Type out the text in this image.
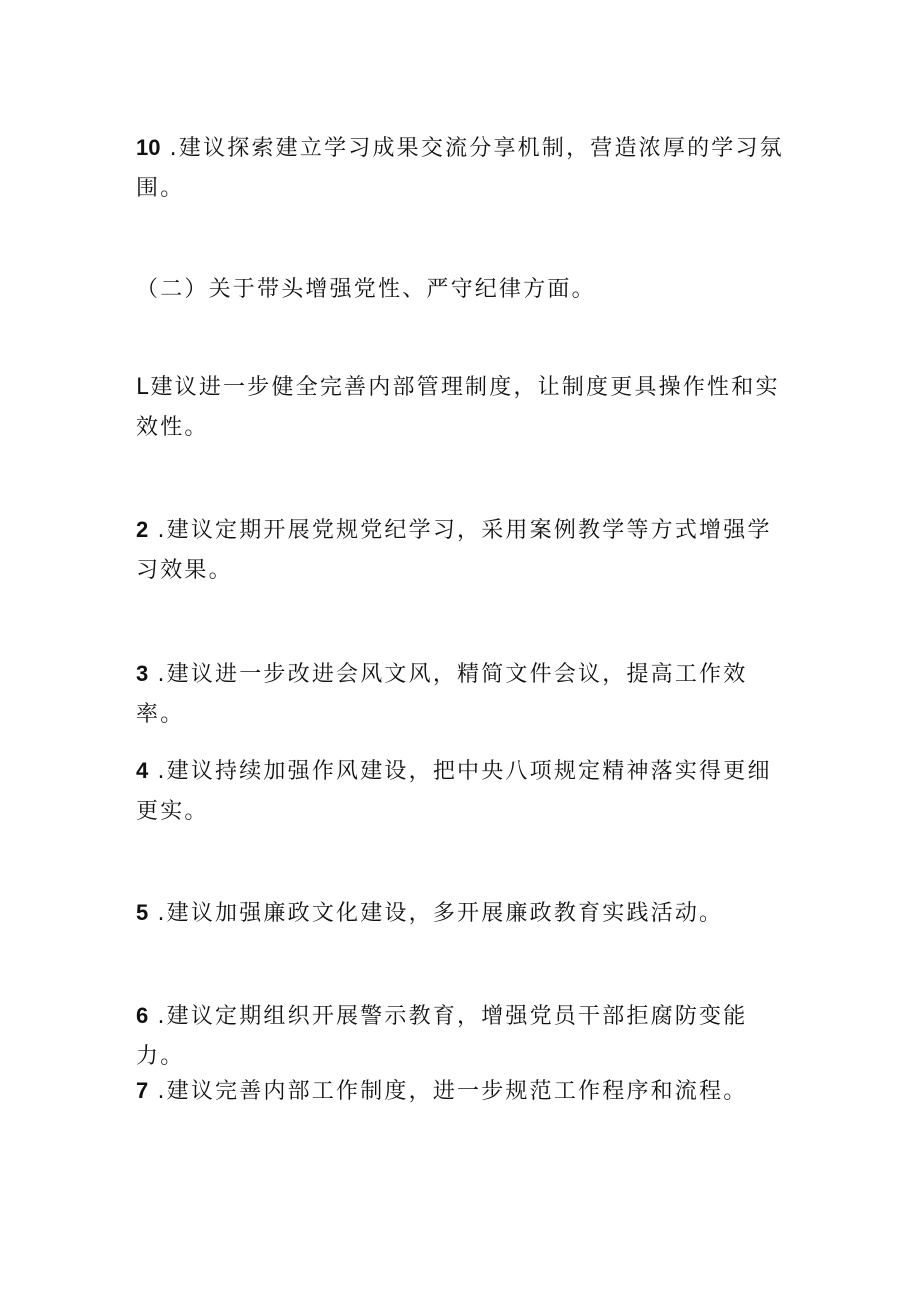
10 .建议探索建立学习成果交流分享机制，营造浓厚的学习氛围。

（二）关于带头增强党性、严守纪律方面。

L建议进一步健全完善内部管理制度，让制度更具操作性和实效性。

2 .建议定期开展党规党纪学习，采用案例教学等方式增强学习效果。

3 .建议进一步改进会风文风，精简文件会议，提高工作效率。

4 .建议持续加强作风建设，把中央八项规定精神落实得更细更实。

5 .建议加强廉政文化建设，多开展廉政教育实践活动。

6 .建议定期组织开展警示教育，增强党员干部拒腐防变能力。

7 .建议完善内部工作制度，进一步规范工作程序和流程。
